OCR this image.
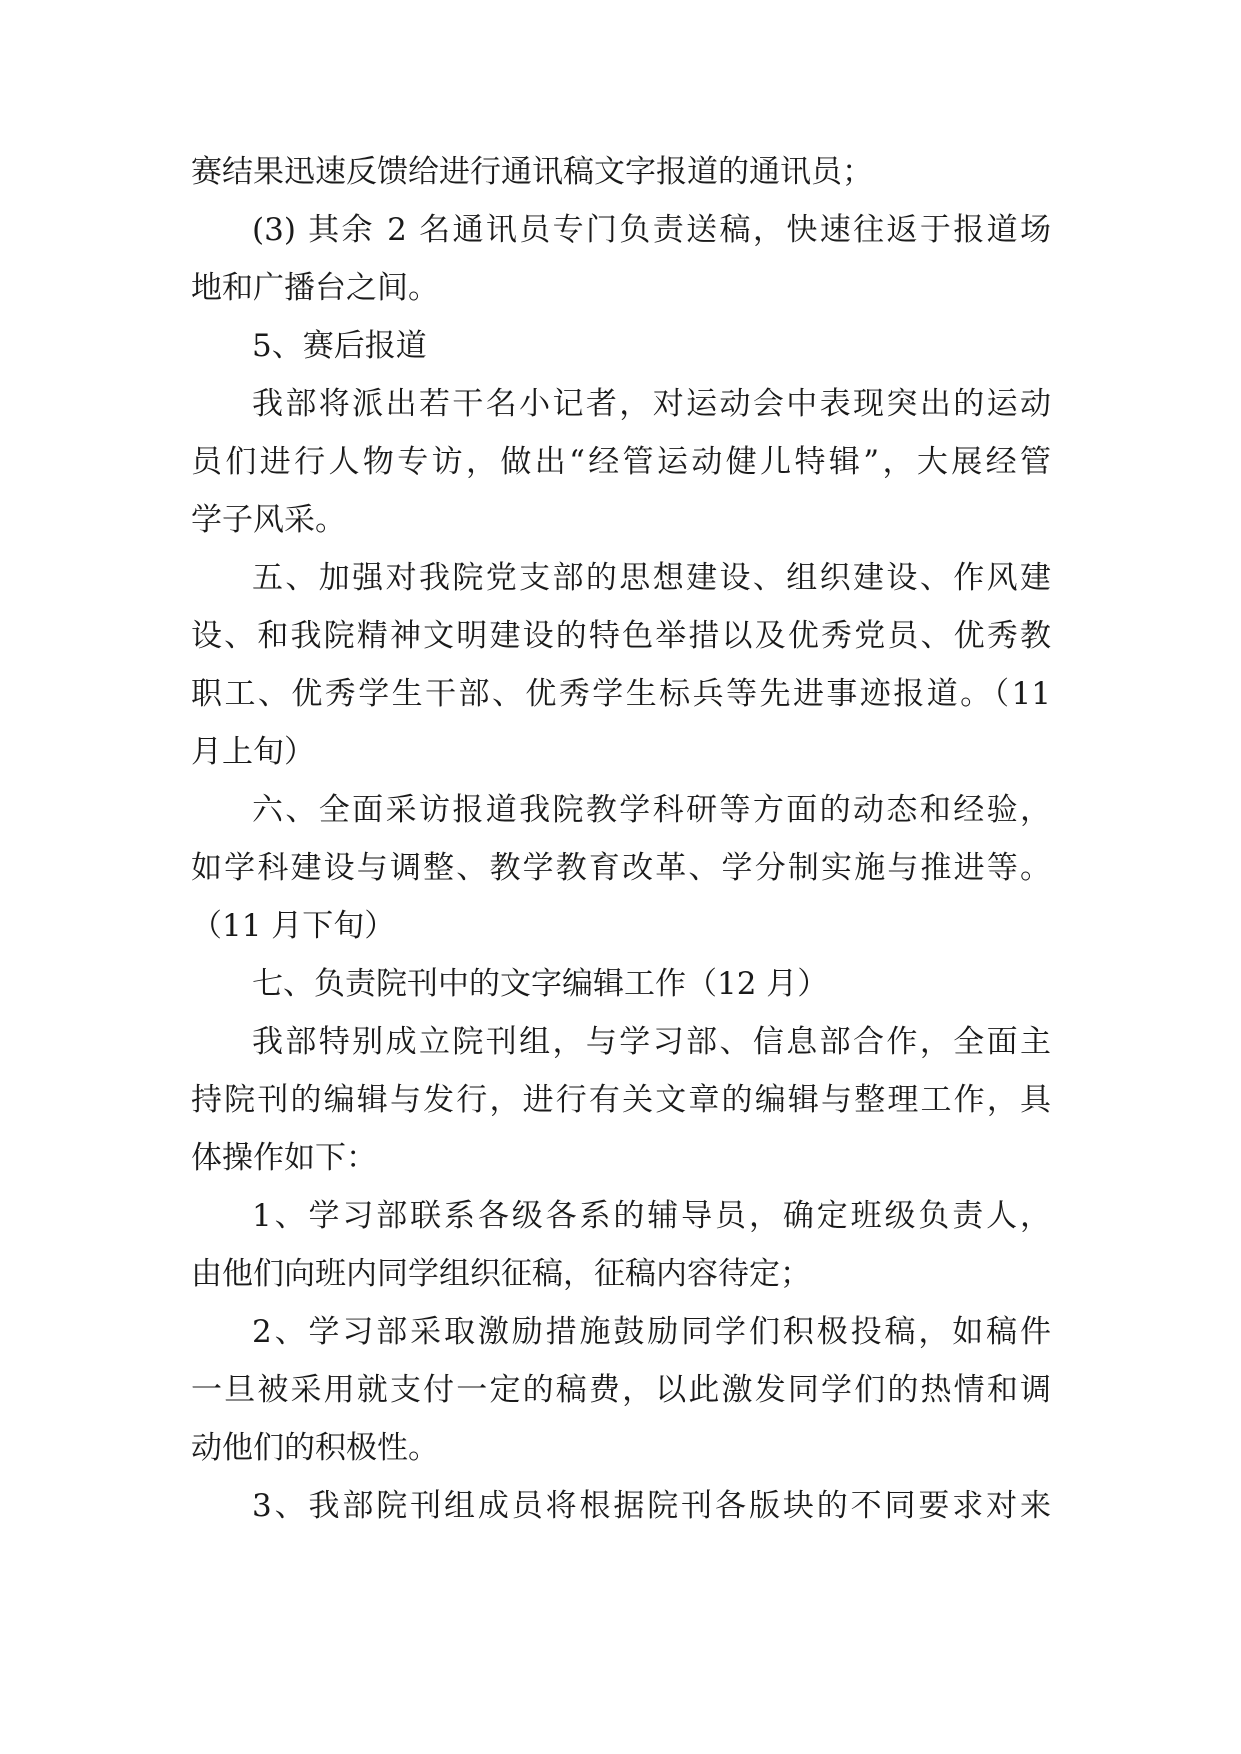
赛结果迅速反馈给进行通讯稿文字报道的通讯员；
(3) 其余 2 名通讯员专门负责送稿，快速往返于报道场
地和广播台之间。
5、赛后报道
我部将派出若干名小记者，对运动会中表现突出的运动
员们进行人物专访，做出“经管运动健儿特辑”，大展经管
学子风采。
五、加强对我院党支部的思想建设、组织建设、作风建
设、和我院精神文明建设的特色举措以及优秀党员、优秀教
职工、优秀学生干部、优秀学生标兵等先进事迹报道。（11
月上旬）
六、全面采访报道我院教学科研等方面的动态和经验，
如学科建设与调整、教学教育改革、学分制实施与推进等。
（11 月下旬）
七、负责院刊中的文字编辑工作（12 月）
我部特别成立院刊组，与学习部、信息部合作，全面主
持院刊的编辑与发行，进行有关文章的编辑与整理工作，具
体操作如下：
1、学习部联系各级各系的辅导员，确定班级负责人，
由他们向班内同学组织征稿，征稿内容待定；
2、学习部采取激励措施鼓励同学们积极投稿，如稿件
一旦被采用就支付一定的稿费，以此激发同学们的热情和调
动他们的积极性。
3、我部院刊组成员将根据院刊各版块的不同要求对来
